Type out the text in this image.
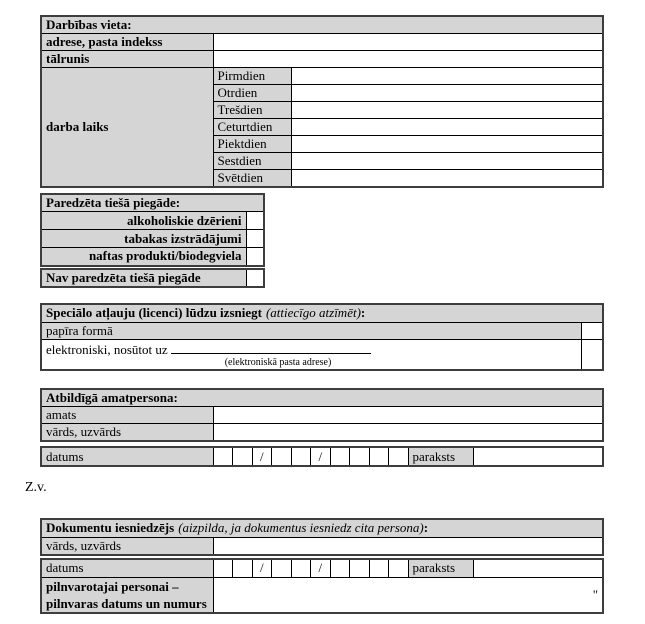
Darbības vieta:		
adrese, pasta indekss		
tālrunis		
darba laiks	Pirmdien	
	Otrdien	
	Trešdien	
	Ceturtdien	
	Piektdien	
	Sestdien	
	Svētdien	
Paredzēta tiešā piegāde:	
alkoholiskie dzērieni	
tabakas izstrādājumi	
naftas produkti/biodegviela	
Nav paredzēta tiešā piegāde	
Speciālo atļauju (licenci) lūdzu izsniegt (attiecīgo atzīmēt):	
papīra formā	

elektroniski, nosūtot uz
(elektroniskā pasta adrese)	

Atbildīgā amatpersona:	
amats	
vārds, uzvārds	
datums			/			/					paraksts	
Z.v.
Dokumentu iesniedzējs (aizpilda, ja dokumentus iesniedz cita persona):
vārds, uzvārds	
datums			/			/					paraksts	

pilnvarotajai personai –
pilnvaras datums un numurs	"											
